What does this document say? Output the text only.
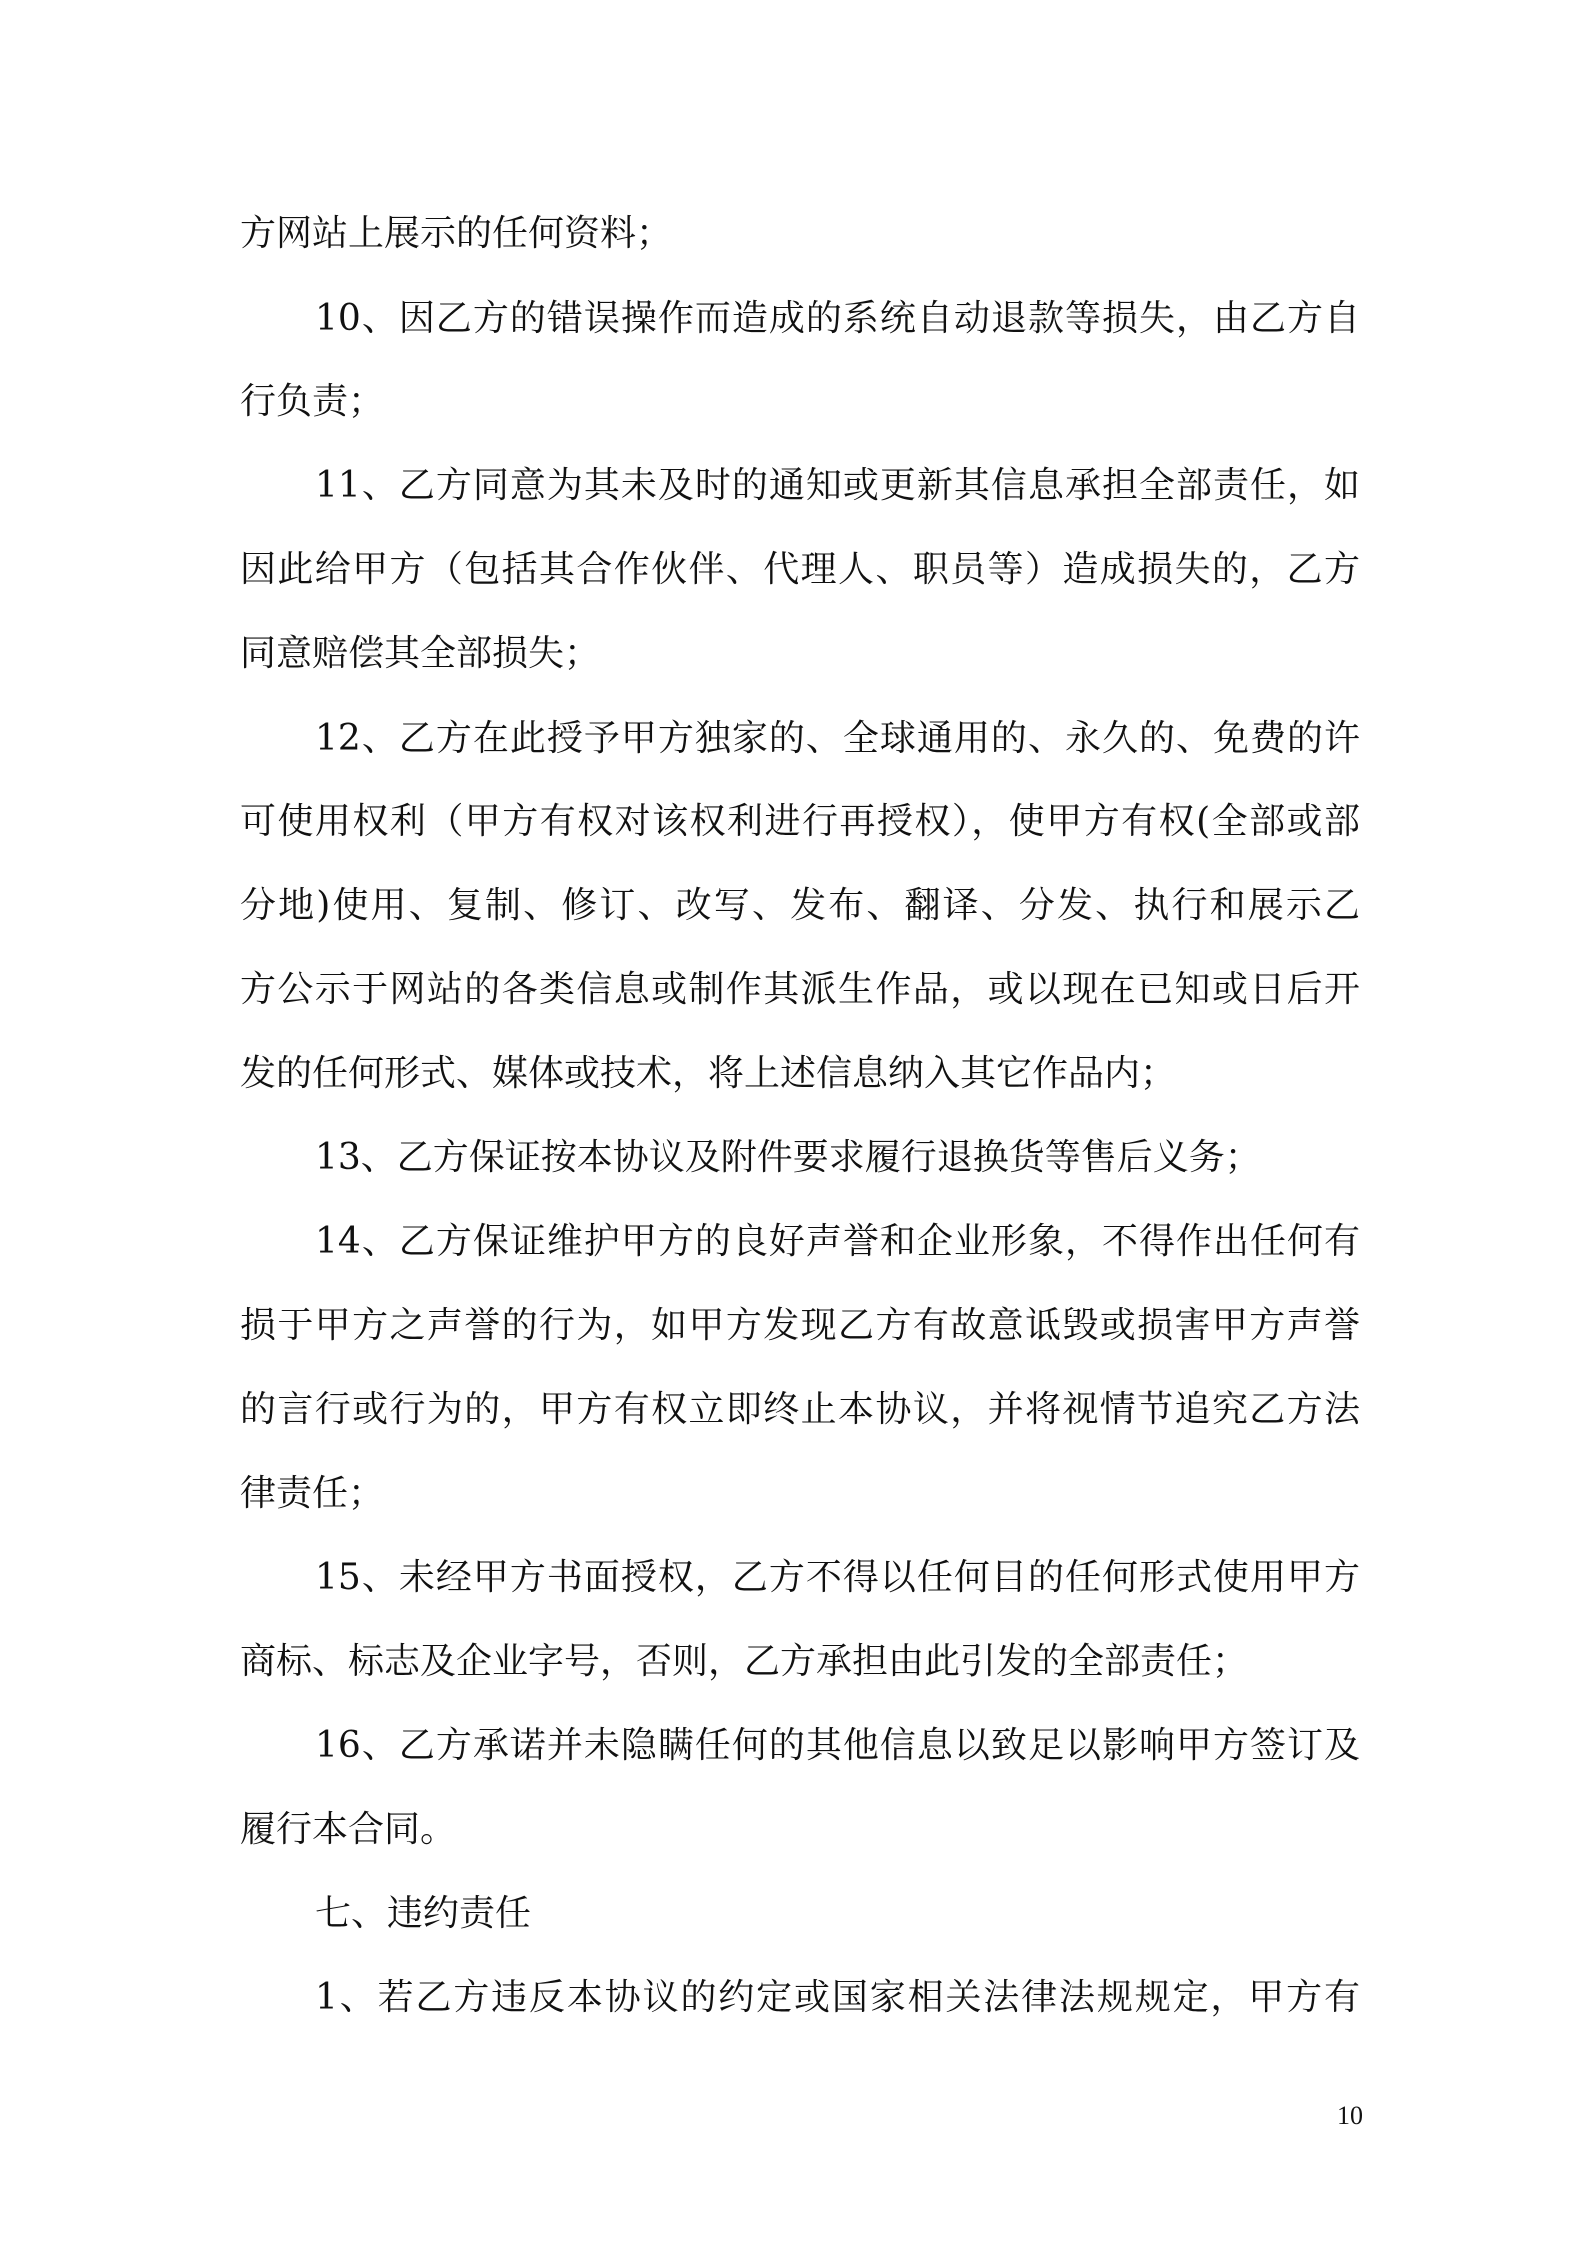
方网站上展示的任何资料；
10、因乙方的错误操作而造成的系统自动退款等损失，由乙方自
行负责；
11、乙方同意为其未及时的通知或更新其信息承担全部责任，如
因此给甲方（包括其合作伙伴、代理人、职员等）造成损失的，乙方
同意赔偿其全部损失；
12、乙方在此授予甲方独家的、全球通用的、永久的、免费的许
可使用权利（甲方有权对该权利进行再授权），使甲方有权(全部或部
分地)使用、复制、修订、改写、发布、翻译、分发、执行和展示乙
方公示于网站的各类信息或制作其派生作品，或以现在已知或日后开
发的任何形式、媒体或技术，将上述信息纳入其它作品内；
13、乙方保证按本协议及附件要求履行退换货等售后义务；
14、乙方保证维护甲方的良好声誉和企业形象，不得作出任何有
损于甲方之声誉的行为，如甲方发现乙方有故意诋毁或损害甲方声誉
的言行或行为的，甲方有权立即终止本协议，并将视情节追究乙方法
律责任；
15、未经甲方书面授权，乙方不得以任何目的任何形式使用甲方
商标、标志及企业字号，否则，乙方承担由此引发的全部责任；
16、乙方承诺并未隐瞒任何的其他信息以致足以影响甲方签订及
履行本合同。
七、违约责任
1、若乙方违反本协议的约定或国家相关法律法规规定，甲方有
10
